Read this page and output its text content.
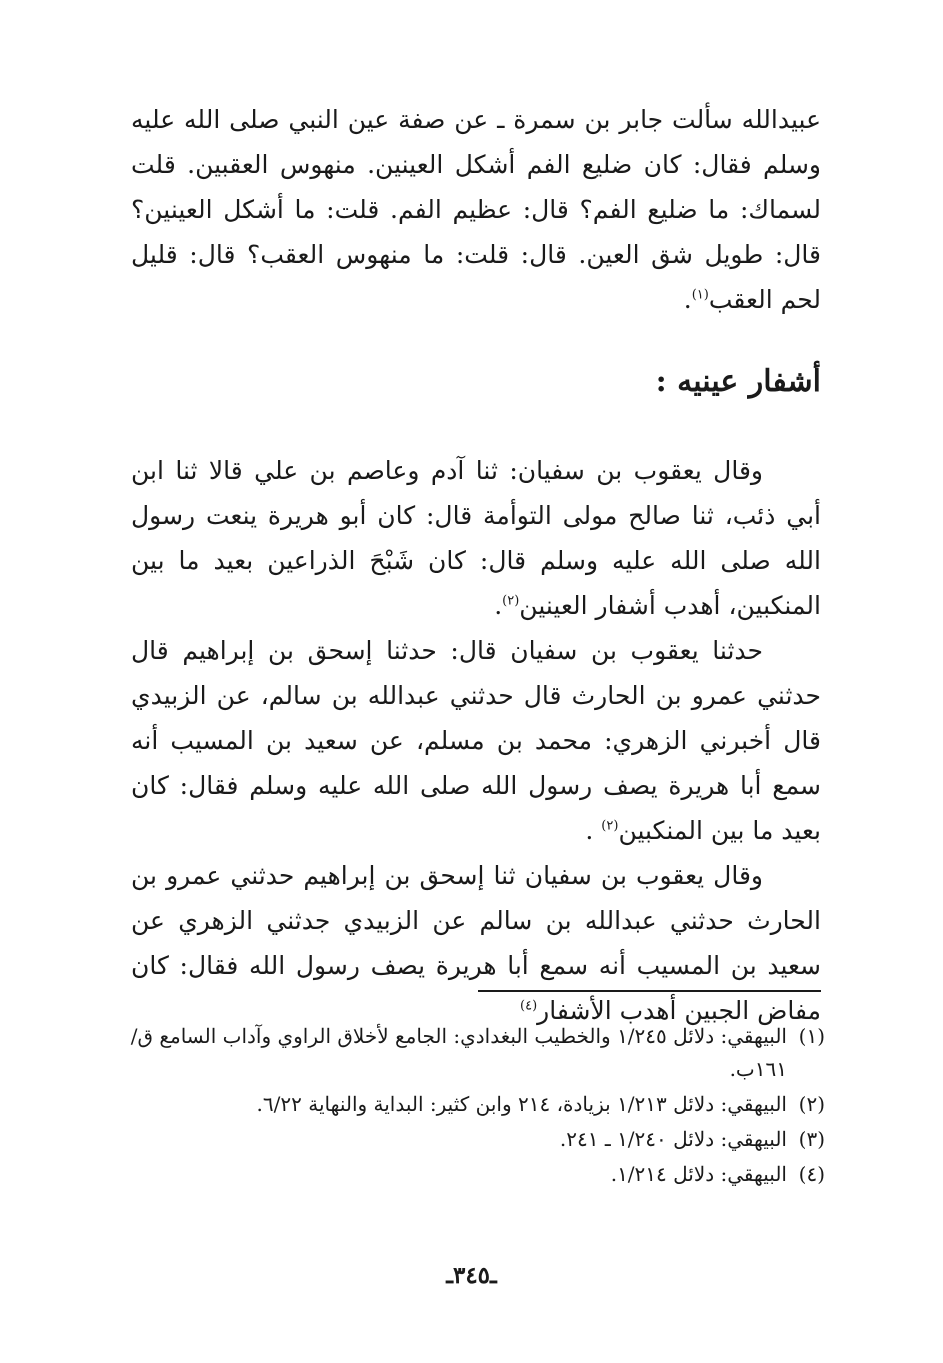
عبيدالله سألت جابر بن سمرة ـ عن صفة عين النبي صلى الله عليه وسلم فقال: كان ضليع الفم أشكل العينين. منهوس العقبين. قلت لسماك: ما ضليع الفم؟ قال: عظيم الفم. قلت: ما أشكل العينين؟ قال: طويل شق العين. قال: قلت: ما منهوس العقب؟ قال: قليل لحم العقب$^{(١)}$.
أشفار عينيه :

وقال يعقوب بن سفيان: ثنا آدم وعاصم بن علي قالا ثنا ابن أبي ذئب، ثنا صالح مولى التوأمة قال: كان أبو هريرة ينعت رسول الله صلى الله عليه وسلم قال: كان شَبْحَ الذراعين بعيد ما بين المنكبين، أهدب أشفار العينين$^{(٢)}$.

حدثنا يعقوب بن سفيان قال: حدثنا إسحق بن إبراهيم قال حدثني عمرو بن الحارث قال حدثني عبدالله بن سالم، عن الزبيدي قال أخبرني الزهري: محمد بن مسلم، عن سعيد بن المسيب أنه سمع أبا هريرة يصف رسول الله صلى الله عليه وسلم فقال: كان بعيد ما بين المنكبين$^{(٢)}$ .

وقال يعقوب بن سفيان ثنا إسحق بن إبراهيم حدثني عمرو بن الحارث حدثني عبدالله بن سالم عن الزبيدي جدثني الزهري عن سعيد بن المسيب أنه سمع أبا هريرة يصف رسول الله فقال: كان مفاض الجبين أهدب الأشفار$^{(٤)}$

(١)
البيهقي: دلائل ١/٢٤٥ والخطيب البغدادي: الجامع لأخلاق الراوي وآداب السامع ق/١٦١ب.
(٢)
البيهقي: دلائل ١/٢١٣ بزيادة، ٢١٤ وابن كثير: البداية والنهاية ٦/٢٢.
(٣)
البيهقي: دلائل ١/٢٤٠ ـ ٢٤١.
(٤)
البيهقي: دلائل ١/٢١٤.
ـ٣٤٥ـ
